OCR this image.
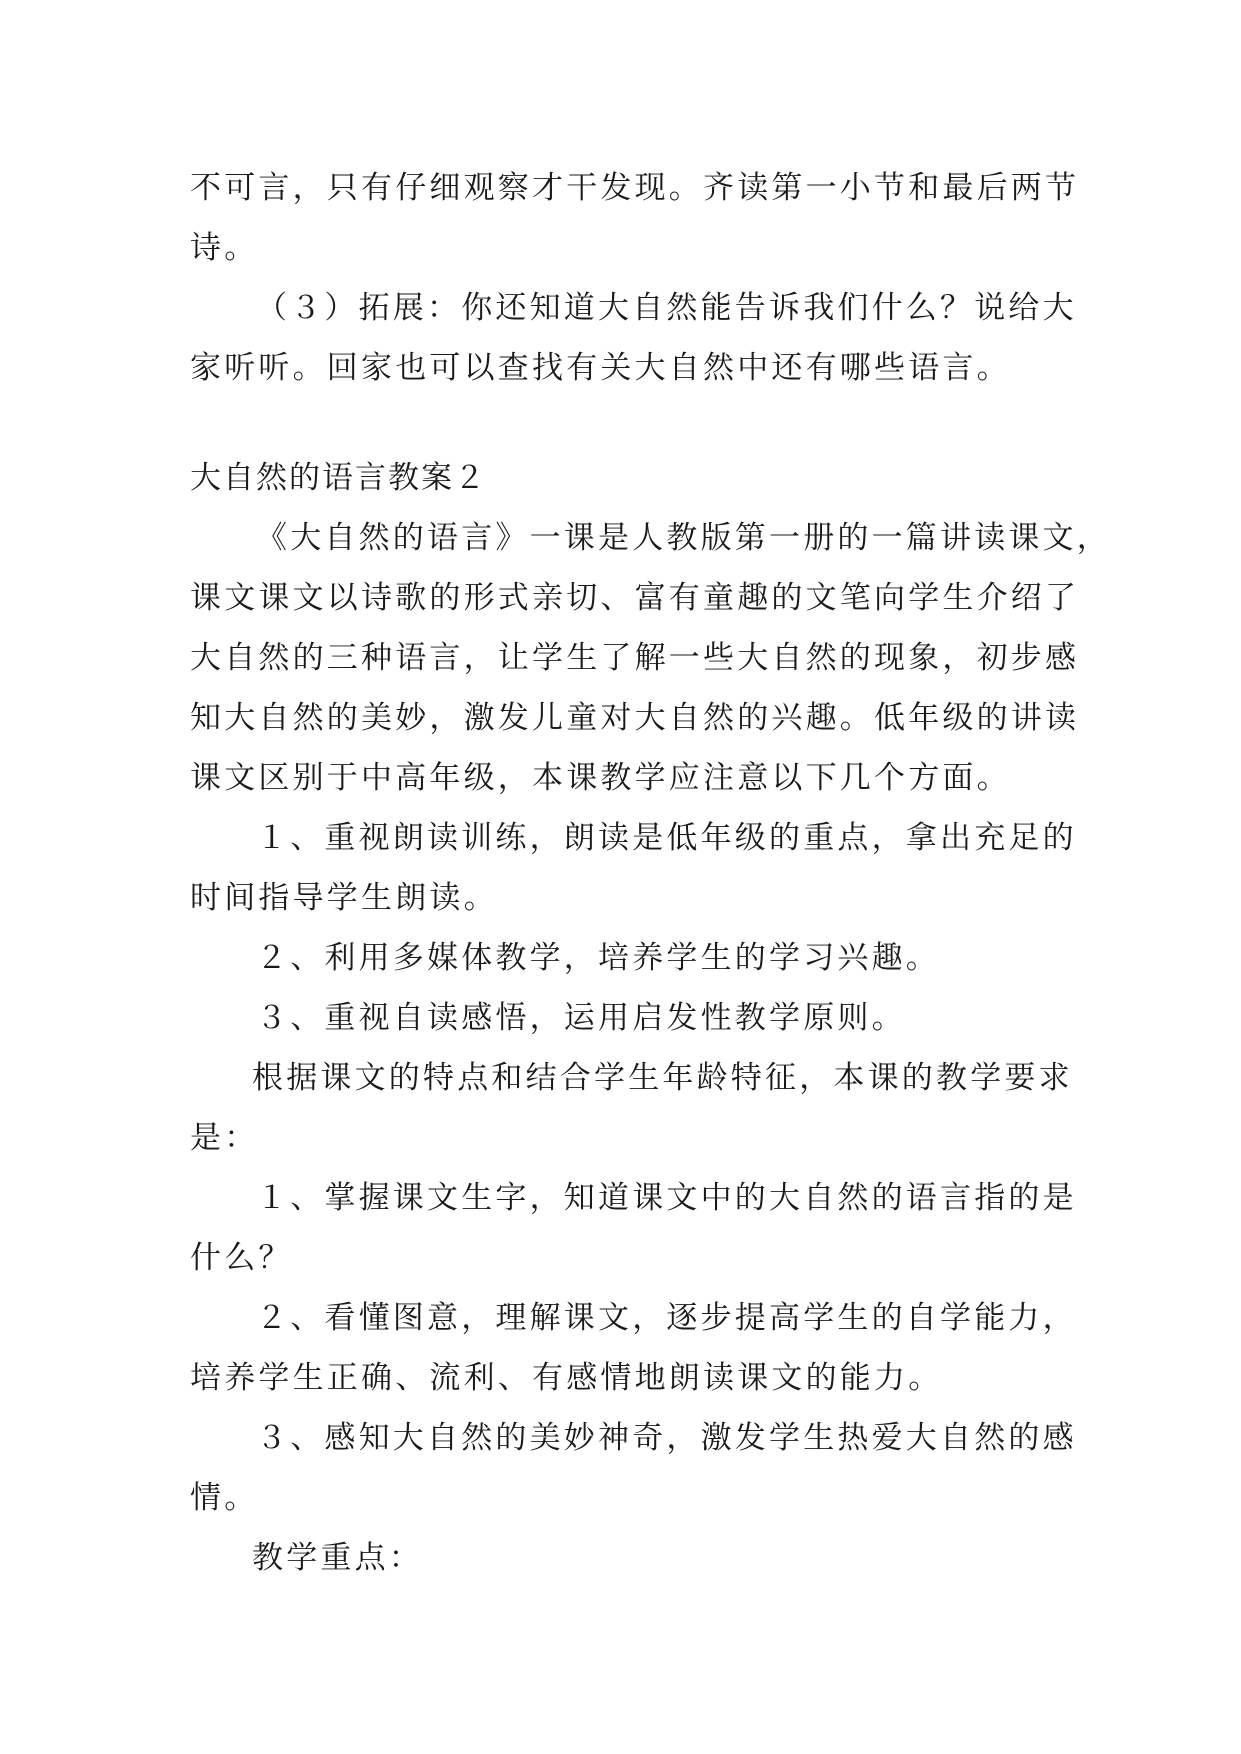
不可言，只有仔细观察才干发现。齐读第一小节和最后两节
诗。
（３）拓展：你还知道大自然能告诉我们什么？说给大
家听听。回家也可以查找有关大自然中还有哪些语言。
大自然的语言教案２
《大自然的语言》一课是人教版第一册的一篇讲读课文，
课文课文以诗歌的形式亲切、富有童趣的文笔向学生介绍了
大自然的三种语言，让学生了解一些大自然的现象，初步感
知大自然的美妙，激发儿童对大自然的兴趣。低年级的讲读
课文区别于中高年级，本课教学应注意以下几个方面。
１、重视朗读训练，朗读是低年级的重点，拿出充足的
时间指导学生朗读。
２、利用多媒体教学，培养学生的学习兴趣。
３、重视自读感悟，运用启发性教学原则。
根据课文的特点和结合学生年龄特征，本课的教学要求
是：
１、掌握课文生字，知道课文中的大自然的语言指的是
什么？
２、看懂图意，理解课文，逐步提高学生的自学能力，
培养学生正确、流利、有感情地朗读课文的能力。
３、感知大自然的美妙神奇，激发学生热爱大自然的感
情。
教学重点：
